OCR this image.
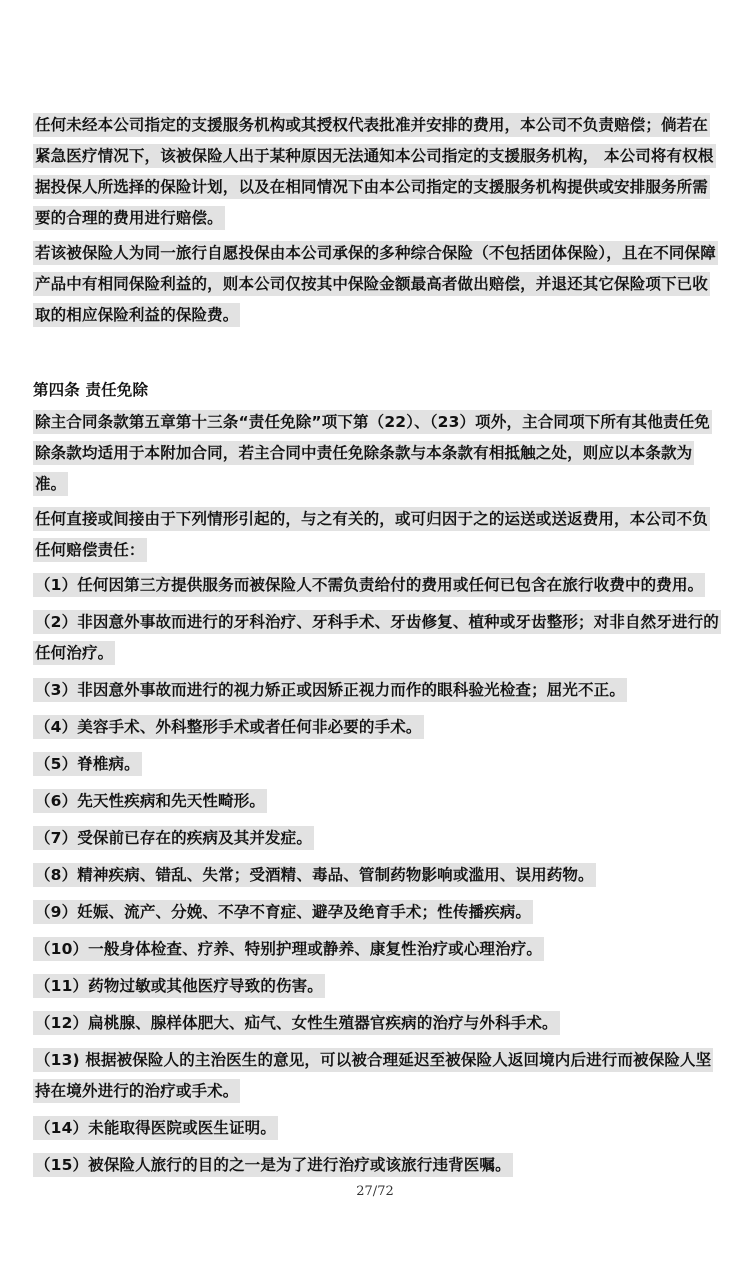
任何未经本公司指定的支援服务机构或其授权代表批准并安排的费用，本公司不负责赔偿；倘若在紧急医疗情况下，该被保险人出于某种原因无法通知本公司指定的支援服务机构， 本公司将有权根据投保人所选择的保险计划，以及在相同情况下由本公司指定的支援服务机构提供或安排服务所需要的合理的费用进行赔偿。

若该被保险人为同一旅行自愿投保由本公司承保的多种综合保险（不包括团体保险），且在不同保障产品中有相同保险利益的，则本公司仅按其中保险金额最高者做出赔偿，并退还其它保险项下已收取的相应保险利益的保险费。

第四条 责任免除

除主合同条款第五章第十三条“责任免除”项下第（22）、（23）项外，主合同项下所有其他责任免除条款均适用于本附加合同，若主合同中责任免除条款与本条款有相抵触之处，则应以本条款为准。

任何直接或间接由于下列情形引起的，与之有关的，或可归因于之的运送或送返费用，本公司不负任何赔偿责任：

（1）任何因第三方提供服务而被保险人不需负责给付的费用或任何已包含在旅行收费中的费用。

（2）非因意外事故而进行的牙科治疗、牙科手术、牙齿修复、植种或牙齿整形；对非自然牙进行的任何治疗。

（3）非因意外事故而进行的视力矫正或因矫正视力而作的眼科验光检查；屈光不正。

（4）美容手术、外科整形手术或者任何非必要的手术。

（5）脊椎病。

（6）先天性疾病和先天性畸形。

（7）受保前已存在的疾病及其并发症。

（8）精神疾病、错乱、失常；受酒精、毒品、管制药物影响或滥用、误用药物。

（9）妊娠、流产、分娩、不孕不育症、避孕及绝育手术；性传播疾病。

（10）一般身体检查、疗养、特别护理或静养、康复性治疗或心理治疗。

（11）药物过敏或其他医疗导致的伤害。

（12）扁桃腺、腺样体肥大、疝气、女性生殖器官疾病的治疗与外科手术。

（13) 根据被保险人的主治医生的意见，可以被合理延迟至被保险人返回境内后进行而被保险人坚持在境外进行的治疗或手术。

（14）未能取得医院或医生证明。

（15）被保险人旅行的目的之一是为了进行治疗或该旅行违背医嘱。

27/72
